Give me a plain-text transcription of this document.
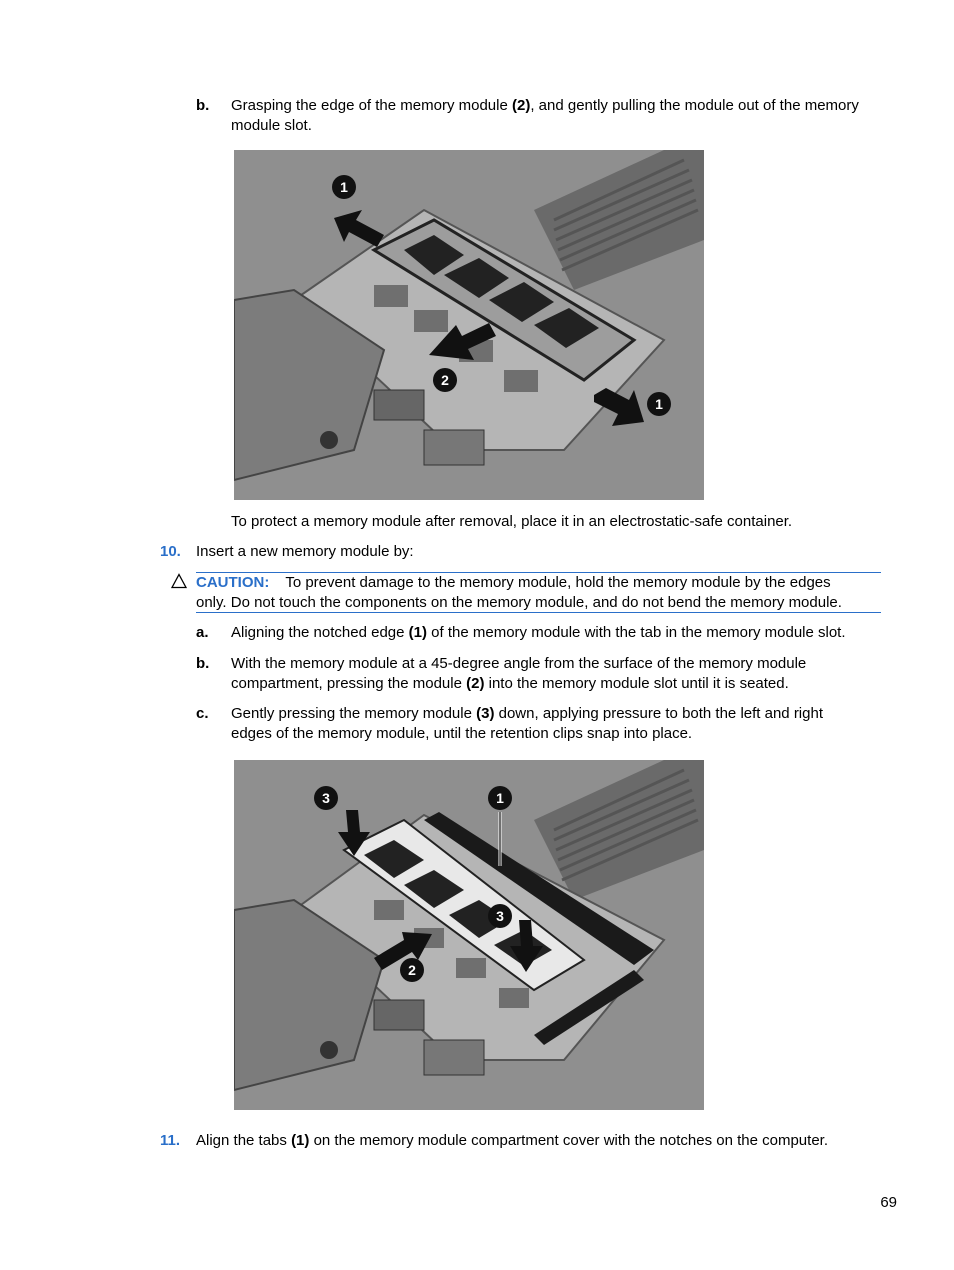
b. Grasping the edge of the memory module (2), and gently pulling the module out of the memory
module slot.
1
1
2
To protect a memory module after removal, place it in an electrostatic-safe container.
10. Insert a new memory module by:
CAUTION: To prevent damage to the memory module, hold the memory module by the edges
only. Do not touch the components on the memory module, and do not bend the memory module.
a. Aligning the notched edge (1) of the memory module with the tab in the memory module slot.
b. With the memory module at a 45-degree angle from the surface of the memory module
compartment, pressing the module (2) into the memory module slot until it is seated.
c. Gently pressing the memory module (3) down, applying pressure to both the left and right
edges of the memory module, until the retention clips snap into place.
3	1
3
2
11. Align the tabs (1) on the memory module compartment cover with the notches on the computer.
69
